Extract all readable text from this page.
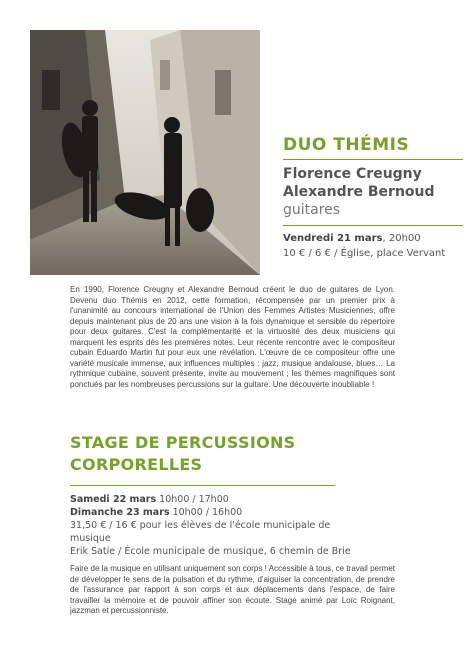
DUO THÉMIS
Florence Creugny
Alexandre Bernoud
guitares
Vendredi 21 mars, 20h00
10 € / 6 € / Église, place Vervant
En 1990, Florence Creugny et Alexandre Bernoud créent le duo de guitares de Lyon. Devenu duo Thémis en 2012, cette formation, récompensée par un premier prix à l'unanimité au concours international de l'Union des Femmes Artistes Musiciennes, offre depuis maintenant plus de 20 ans une vision à la fois dynamique et sensible du répertoire pour deux guitares. C'est la complémentarité et la virtuosité des deux musiciens qui marquent les esprits dès les premières notes. Leur récente rencontre avec le compositeur cubain Eduardo Martin fut pour eux une révélation. L'œuvre de ce compositeur offre une variété musicale immense, aux influences multiples : jazz, musique andalouse, blues… La rythmique cubaine, souvent présente, invite au mouvement ; les thèmes magnifiques sont ponctués par les nombreuses percussions sur la guitare. Une découverte inoubliable !
STAGE DE PERCUSSIONS CORPORELLES
Samedi 22 mars 10h00 / 17h00
Dimanche 23 mars 10h00 / 16h00
31,50 € / 16 € pour les élèves de l'école municipale de musique
Erik Satie / École municipale de musique, 6 chemin de Brie
Faire de la musique en utilisant uniquement son corps ! Accessible à tous, ce travail permet de développer le sens de la pulsation et du rythme, d'aiguiser la concentration, de prendre de l'assurance par rapport à son corps et aux déplacements dans l'espace, de faire travailler la mémoire et de pouvoir affiner son écoute. Stage animé par Loïc Roignant, jazzman et percussionniste.
